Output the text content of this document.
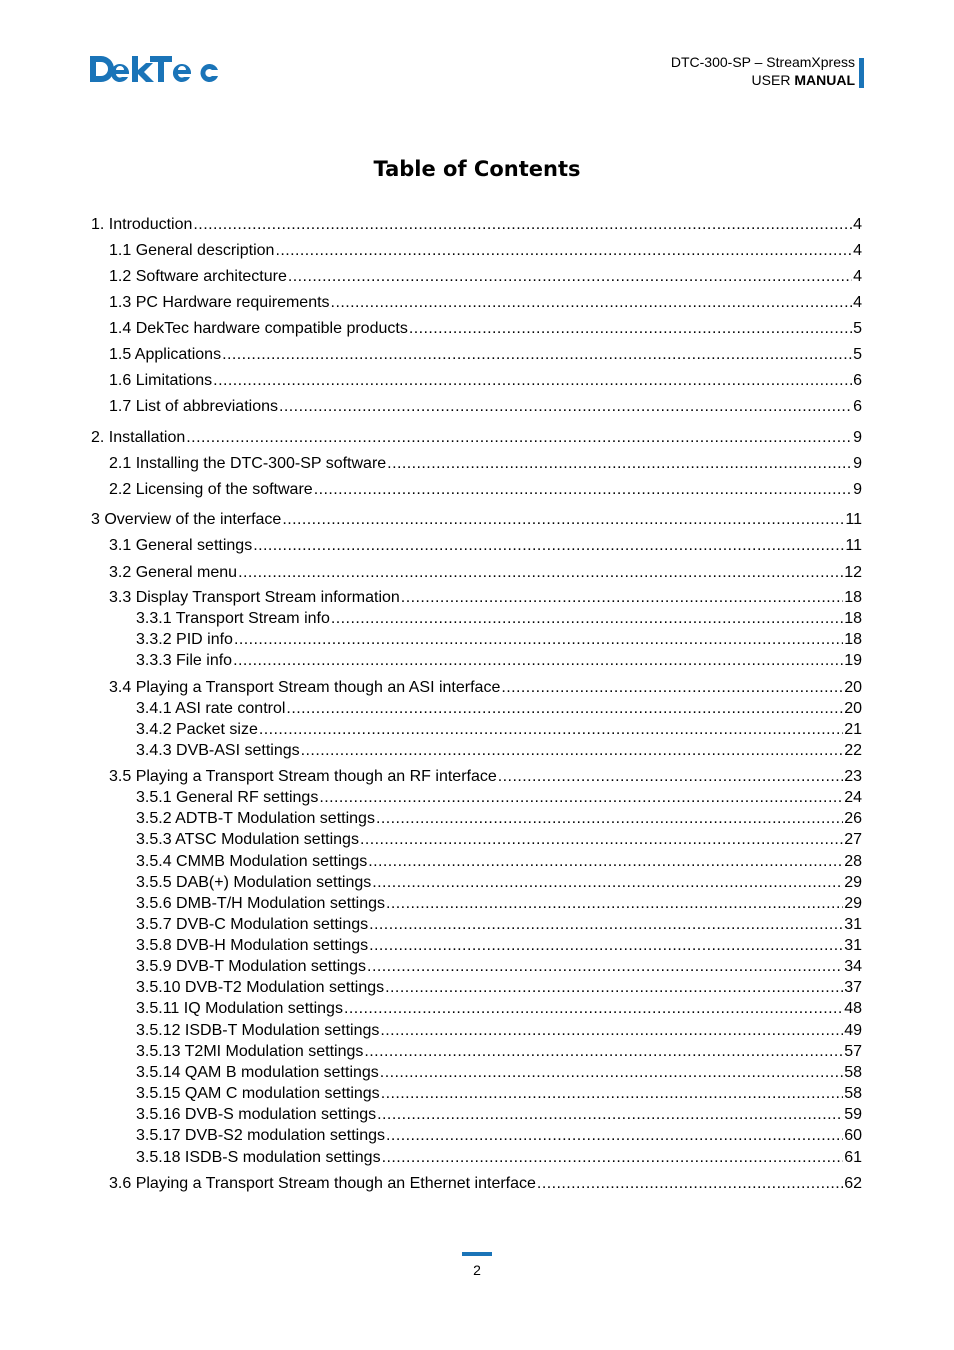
DTC-300-SP – StreamXpress
USER MANUAL
Table of Contents
1. Introduction . . .	4
1.1 General description . . .	4
1.2 Software architecture . . .	4
1.3 PC Hardware requirements . . .	4
1.4 DekTec hardware compatible products . . .	5
1.5 Applications . . .	5
1.6 Limitations . . .	6
1.7 List of abbreviations . . .	6
2. Installation . . .	9
2.1 Installing the DTC-300-SP software . . .	9
2.2 Licensing of the software . . .	9
3 Overview of the interface . . .	11
3.1 General settings . . .	11
3.2 General menu . . .	12
3.3 Display Transport Stream information . . .	18
3.3.1 Transport Stream info . . .	18
3.3.2 PID info . . .	18
3.3.3 File info . . .	19
3.4 Playing a Transport Stream though an ASI interface . . .	20
3.4.1 ASI rate control . . .	20
3.4.2 Packet size . . .	21
3.4.3 DVB-ASI settings . . .	22
3.5 Playing a Transport Stream though an RF interface . . .	23
3.5.1 General RF settings . . .	24
3.5.2 ADTB-T Modulation settings . . .	26
3.5.3 ATSC Modulation settings . . .	27
3.5.4 CMMB Modulation settings . . .	28
3.5.5 DAB(+) Modulation settings . . .	29
3.5.6 DMB-T/H Modulation settings . . .	29
3.5.7 DVB-C Modulation settings . . .	31
3.5.8 DVB-H Modulation settings . . .	31
3.5.9 DVB-T Modulation settings . . .	34
3.5.10 DVB-T2 Modulation settings . . .	37
3.5.11 IQ Modulation settings . . .	48
3.5.12 ISDB-T Modulation settings . . .	49
3.5.13 T2MI Modulation settings . . .	57
3.5.14 QAM B modulation settings . . .	58
3.5.15 QAM C modulation settings . . .	58
3.5.16 DVB-S modulation settings . . .	59
3.5.17 DVB-S2 modulation settings . . .	60
3.5.18 ISDB-S modulation settings . . .	61
3.6 Playing a Transport Stream though an Ethernet interface . . .	62
2
